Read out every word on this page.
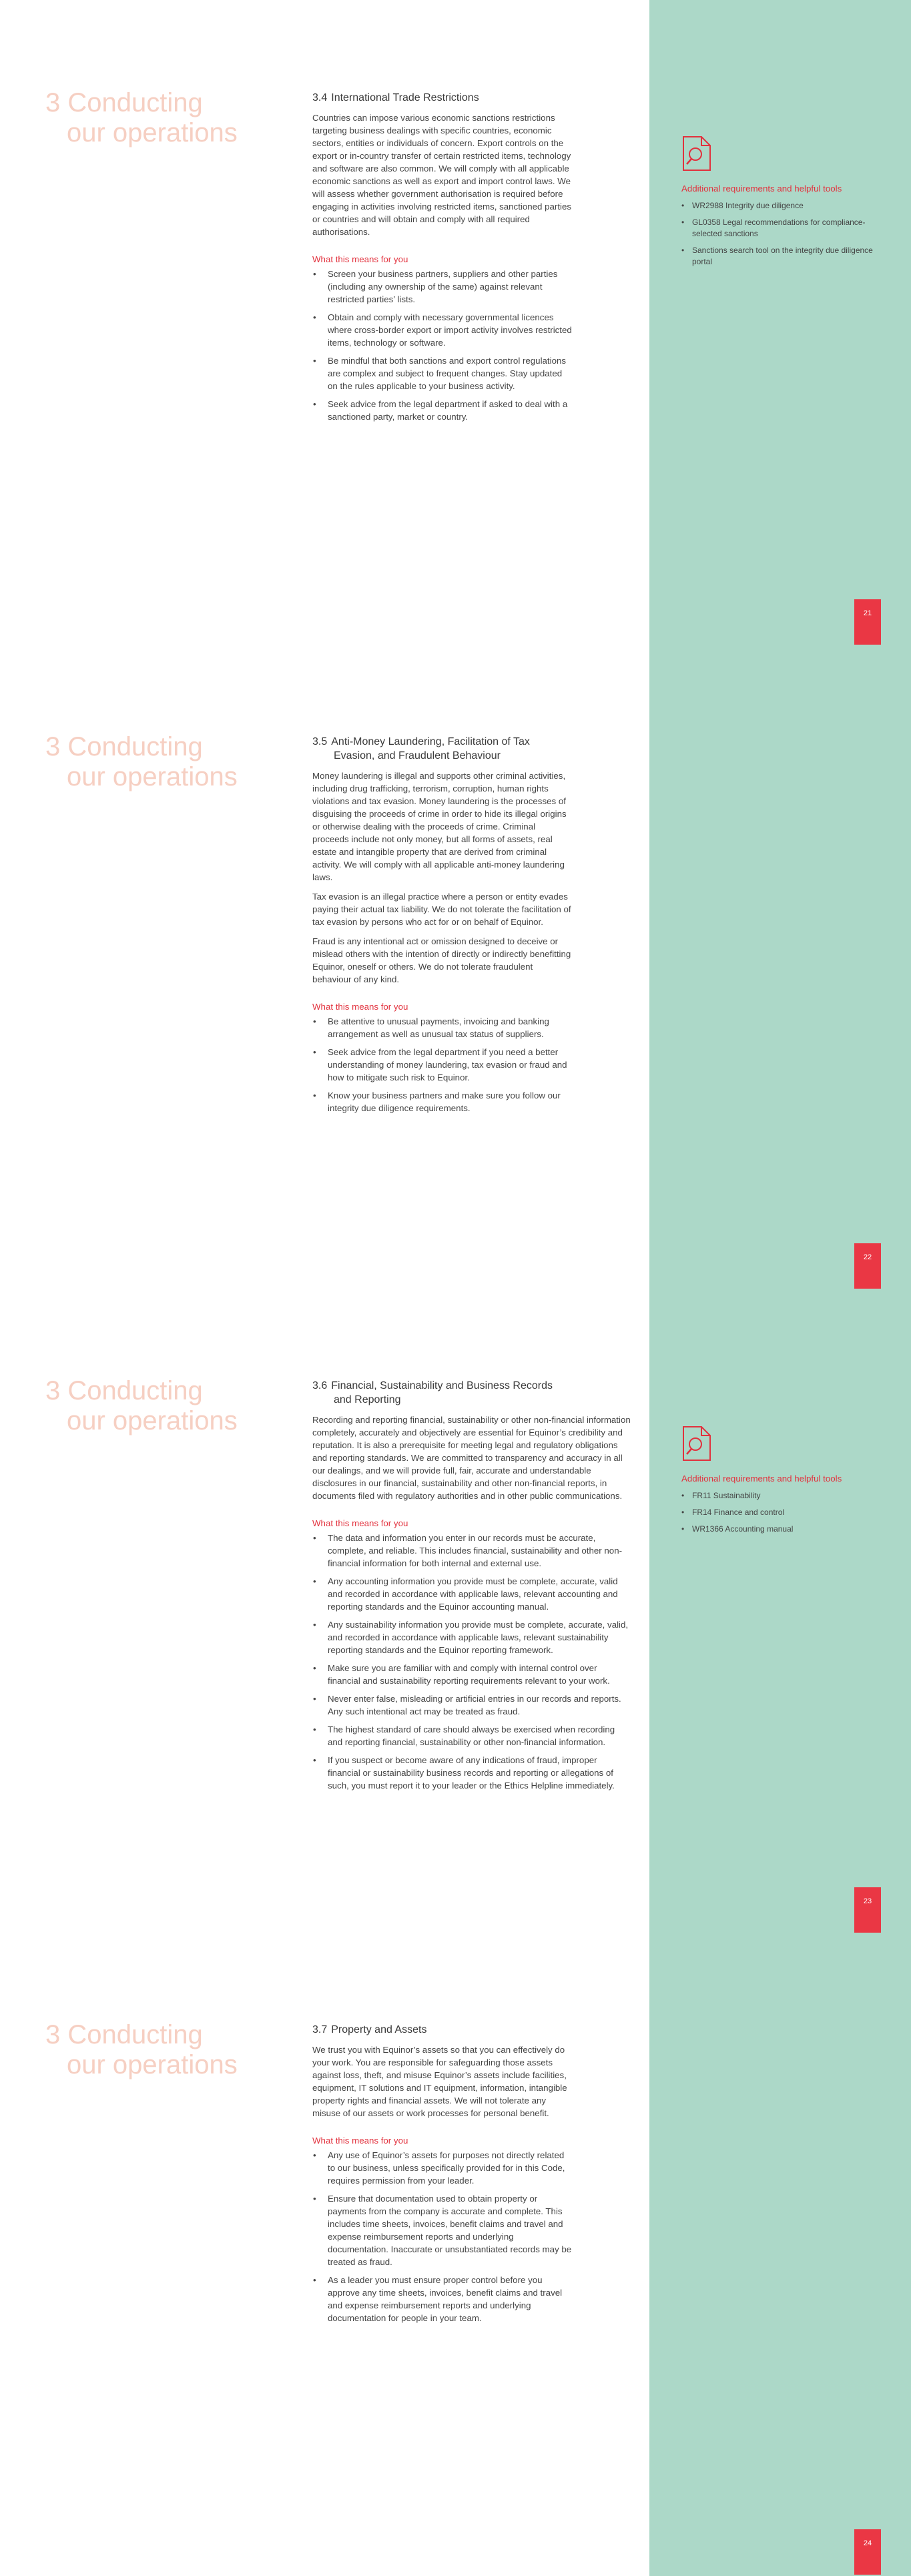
3 Conducting
our operations
3.4 International Trade Restrictions

Countries can impose various economic sanctions restrictions targeting business dealings with specific countries, economic sectors, entities or individuals of concern. Export controls on the export or in-country transfer of certain restricted items, technology and software are also common. We will comply with all applicable economic sanctions as well as export and import control laws. We will assess whether government authorisation is required before engaging in activities involving restricted items, sanctioned parties or countries and will obtain and comply with all required authorisations.

What this means for you
• Screen your business partners, suppliers and other parties (including any ownership of the same) against relevant restricted parties’ lists.
• Obtain and comply with necessary governmental licences where cross-border export or import activity involves restricted items, technology or software.
• Be mindful that both sanctions and export control regulations are complex and subject to frequent changes. Stay updated on the rules applicable to your business activity.
• Seek advice from the legal department if asked to deal with a sanctioned party, market or country.
Additional requirements and helpful tools
• WR2988 Integrity due diligence
• GL0358 Legal recommendations for compliance- selected sanctions
• Sanctions search tool on the integrity due diligence portal
21
3 Conducting
our operations
3.5 Anti-Money Laundering, Facilitation of Tax
Evasion, and Fraudulent Behaviour

Money laundering is illegal and supports other criminal activities, including drug trafficking, terrorism, corruption, human rights violations and tax evasion. Money laundering is the processes of disguising the proceeds of crime in order to hide its illegal origins or otherwise dealing with the proceeds of crime. Criminal proceeds include not only money, but all forms of assets, real estate and intangible property that are derived from criminal activity. We will comply with all applicable anti-money laundering laws.

Tax evasion is an illegal practice where a person or entity evades paying their actual tax liability. We do not tolerate the facilitation of tax evasion by persons who act for or on behalf of Equinor.

Fraud is any intentional act or omission designed to deceive or mislead others with the intention of directly or indirectly benefitting Equinor, oneself or others. We do not tolerate fraudulent behaviour of any kind.

What this means for you
• Be attentive to unusual payments, invoicing and banking arrangement as well as unusual tax status of suppliers.
• Seek advice from the legal department if you need a better understanding of money laundering, tax evasion or fraud and how to mitigate such risk to Equinor.
• Know your business partners and make sure you follow our integrity due diligence requirements.
22
3 Conducting
our operations
3.6 Financial, Sustainability and Business Records
and Reporting

Recording and reporting financial, sustainability or other non-financial information completely, accurately and objectively are essential for Equinor’s credibility and reputation. It is also a prerequisite for meeting legal and regulatory obligations and reporting standards. We are committed to transparency and accuracy in all our dealings, and we will provide full, fair, accurate and understandable disclosures in our financial, sustainability and other non-financial reports, in documents filed with regulatory authorities and in other public communications.

What this means for you
• The data and information you enter in our records must be accurate, complete, and reliable. This includes financial, sustainability and other non- financial information for both internal and external use.
• Any accounting information you provide must be complete, accurate, valid and recorded in accordance with applicable laws, relevant accounting and reporting standards and the Equinor accounting manual.
• Any sustainability information you provide must be complete, accurate, valid, and recorded in accordance with applicable laws, relevant sustainability reporting standards and the Equinor reporting framework.
• Make sure you are familiar with and comply with internal control over financial and sustainability reporting requirements relevant to your work.
• Never enter false, misleading or artificial entries in our records and reports. Any such intentional act may be treated as fraud.
• The highest standard of care should always be exercised when recording and reporting financial, sustainability or other non-financial information.
• If you suspect or become aware of any indications of fraud, improper financial or sustainability business records and reporting or allegations of such, you must report it to your leader or the Ethics Helpline immediately.
Additional requirements and helpful tools
• FR11 Sustainability
• FR14 Finance and control
• WR1366 Accounting manual
23
3 Conducting
our operations
3.7 Property and Assets

We trust you with Equinor’s assets so that you can effectively do your work. You are responsible for safeguarding those assets against loss, theft, and misuse Equinor’s assets include facilities, equipment, IT solutions and IT equipment, information, intangible property rights and financial assets. We will not tolerate any misuse of our assets or work processes for personal benefit.

What this means for you
• Any use of Equinor’s assets for purposes not directly related to our business, unless specifically provided for in this Code, requires permission from your leader.
• Ensure that documentation used to obtain property or payments from the company is accurate and complete. This includes time sheets, invoices, benefit claims and travel and expense reimbursement reports and underlying documentation. Inaccurate or unsubstantiated records may be treated as fraud.
• As a leader you must ensure proper control before you approve any time sheets, invoices, benefit claims and travel and expense reimbursement reports and underlying documentation for people in your team.
24
